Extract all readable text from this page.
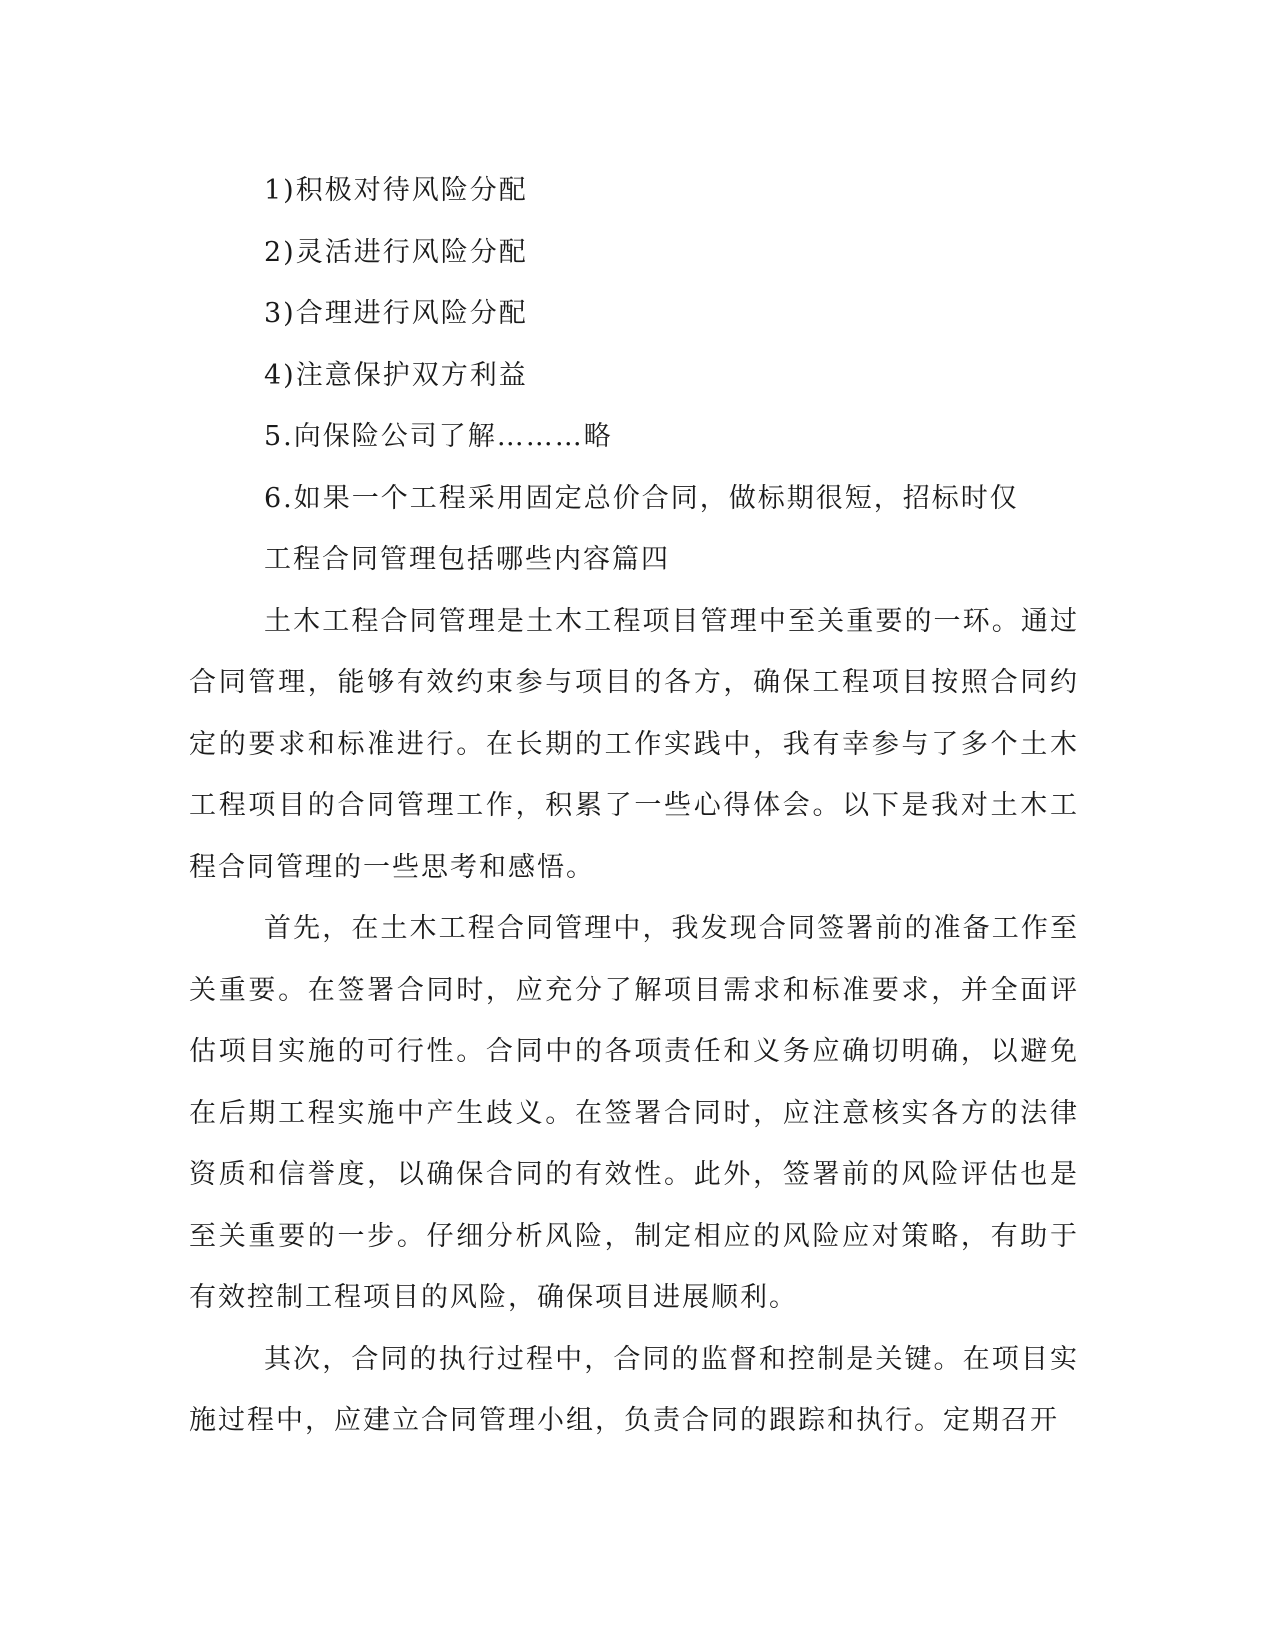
1)积极对待风险分配
2)灵活进行风险分配
3)合理进行风险分配
4)注意保护双方利益
5.向保险公司了解………略
6.如果一个工程采用固定总价合同，做标期很短，招标时仅
工程合同管理包括哪些内容篇四

土木工程合同管理是土木工程项目管理中至关重要的一环。通过合同管理，能够有效约束参与项目的各方，确保工程项目按照合同约定的要求和标准进行。在长期的工作实践中，我有幸参与了多个土木工程项目的合同管理工作，积累了一些心得体会。以下是我对土木工程合同管理的一些思考和感悟。

首先，在土木工程合同管理中，我发现合同签署前的准备工作至关重要。在签署合同时，应充分了解项目需求和标准要求，并全面评估项目实施的可行性。合同中的各项责任和义务应确切明确，以避免在后期工程实施中产生歧义。在签署合同时，应注意核实各方的法律资质和信誉度，以确保合同的有效性。此外，签署前的风险评估也是至关重要的一步。仔细分析风险，制定相应的风险应对策略，有助于有效控制工程项目的风险，确保项目进展顺利。

其次，合同的执行过程中，合同的监督和控制是关键。在项目实施过程中，应建立合同管理小组，负责合同的跟踪和执行。定期召开
